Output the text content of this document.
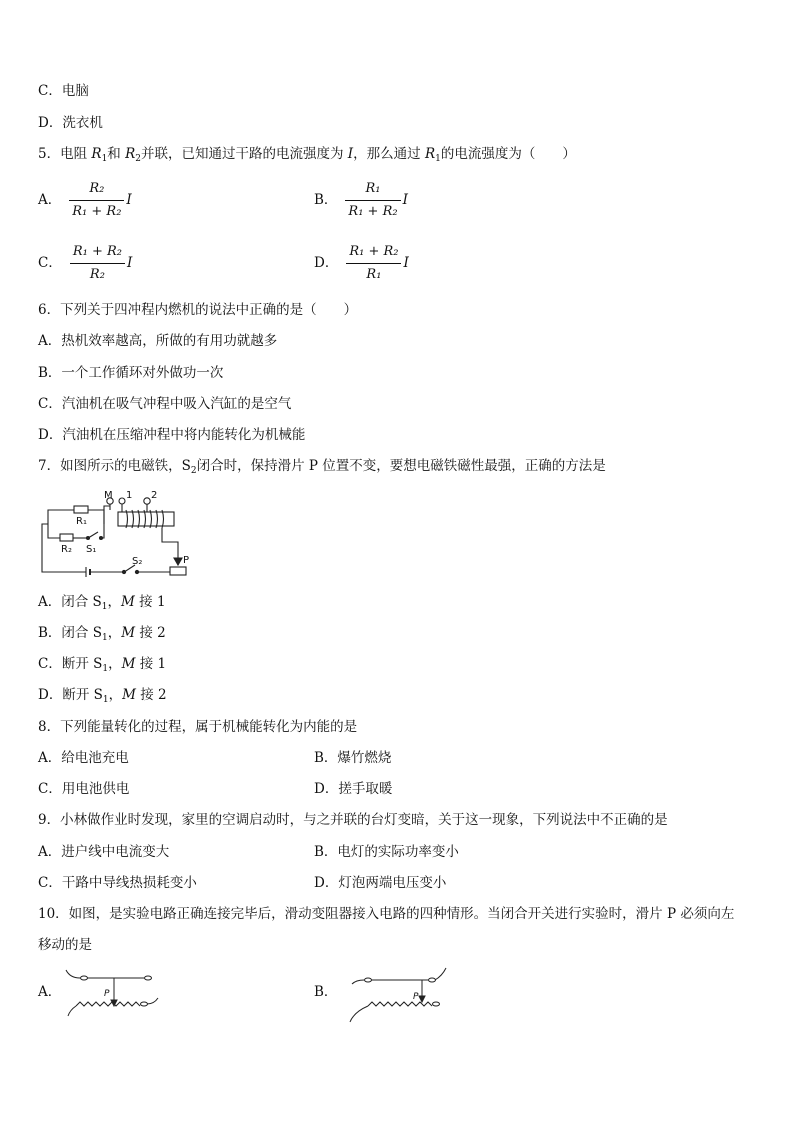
C．电脑
D．洗衣机
5．电阻 $R_1$和 $R_2$并联，已知通过干路的电流强度为 I，那么通过 $R_1$的电流强度为（　　）
A． $\frac{\text{R₂}}{\text{R₁ + R₂}}$ I	B． $\frac{\text{R₁}}{\text{R₁ + R₂}}$ I
C． $\frac{\text{R₁ + R₂}}{\text{R₂}}$ I	D． $\frac{\text{R₁ + R₂}}{\text{R₁}}$ I
6．下列关于四冲程内燃机的说法中正确的是（　　）
A．热机效率越高，所做的有用功就越多
B．一个工作循环对外做功一次
C．汽油机在吸气冲程中吸入汽缸的是空气
D．汽油机在压缩冲程中将内能转化为机械能
7．如图所示的电磁铁，$S_2$闭合时，保持滑片 P 位置不变，要想电磁铁磁性最强，正确的方法是
M 1 2
R₁
R₂ S₁
S₂	P
A．闭合 $S_1$，M 接 1
B．闭合 $S_1$，M 接 2
C．断开 $S_1$，M 接 1
D．断开 $S_1$，M 接 2
8．下列能量转化的过程，属于机械能转化为内能的是
A．给电池充电	B．爆竹燃烧
C．用电池供电	D．搓手取暖
9．小林做作业时发现，家里的空调启动时，与之并联的台灯变暗，关于这一现象，下列说法中不正确的是
A．进户线中电流变大	B．电灯的实际功率变小
C．干路中导线热损耗变小	D．灯泡两端电压变小
10．如图，是实验电路正确连接完毕后，滑动变阻器接入电路的四种情形。当闭合开关进行实验时，滑片 P 必须向左
移动的是
A．	P	B．	P
